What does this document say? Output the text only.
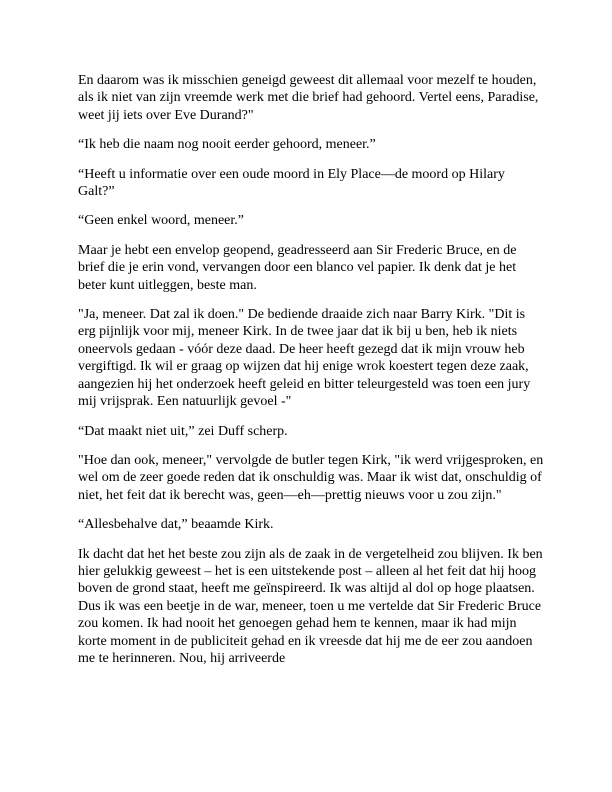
En daarom was ik misschien geneigd geweest dit allemaal voor mezelf te houden, als ik niet van zijn vreemde werk met die brief had gehoord. Vertel eens, Paradise, weet jij iets over Eve Durand?"

“Ik heb die naam nog nooit eerder gehoord, meneer.”

“Heeft u informatie over een oude moord in Ely Place—de moord op Hilary Galt?”

“Geen enkel woord, meneer.”

Maar je hebt een envelop geopend, geadresseerd aan Sir Frederic Bruce, en de brief die je erin vond, vervangen door een blanco vel papier. Ik denk dat je het beter kunt uitleggen, beste man.

"Ja, meneer. Dat zal ik doen." De bediende draaide zich naar Barry Kirk. "Dit is erg pijnlijk voor mij, meneer Kirk. In de twee jaar dat ik bij u ben, heb ik niets oneervols gedaan - vóór deze daad. De heer heeft gezegd dat ik mijn vrouw heb vergiftigd. Ik wil er graag op wijzen dat hij enige wrok koestert tegen deze zaak, aangezien hij het onderzoek heeft geleid en bitter teleurgesteld was toen een jury mij vrijsprak. Een natuurlijk gevoel -"

“Dat maakt niet uit,” zei Duff scherp.

"Hoe dan ook, meneer," vervolgde de butler tegen Kirk, "ik werd vrijgesproken, en wel om de zeer goede reden dat ik onschuldig was. Maar ik wist dat, onschuldig of niet, het feit dat ik berecht was, geen—eh—prettig nieuws voor u zou zijn."

“Allesbehalve dat,” beaamde Kirk.

Ik dacht dat het het beste zou zijn als de zaak in de vergetelheid zou blijven. Ik ben hier gelukkig geweest – het is een uitstekende post – alleen al het feit dat hij hoog boven de grond staat, heeft me geïnspireerd. Ik was altijd al dol op hoge plaatsen. Dus ik was een beetje in de war, meneer, toen u me vertelde dat Sir Frederic Bruce zou komen. Ik had nooit het genoegen gehad hem te kennen, maar ik had mijn korte moment in de publiciteit gehad en ik vreesde dat hij me de eer zou aandoen me te herinneren. Nou, hij arriveerde
